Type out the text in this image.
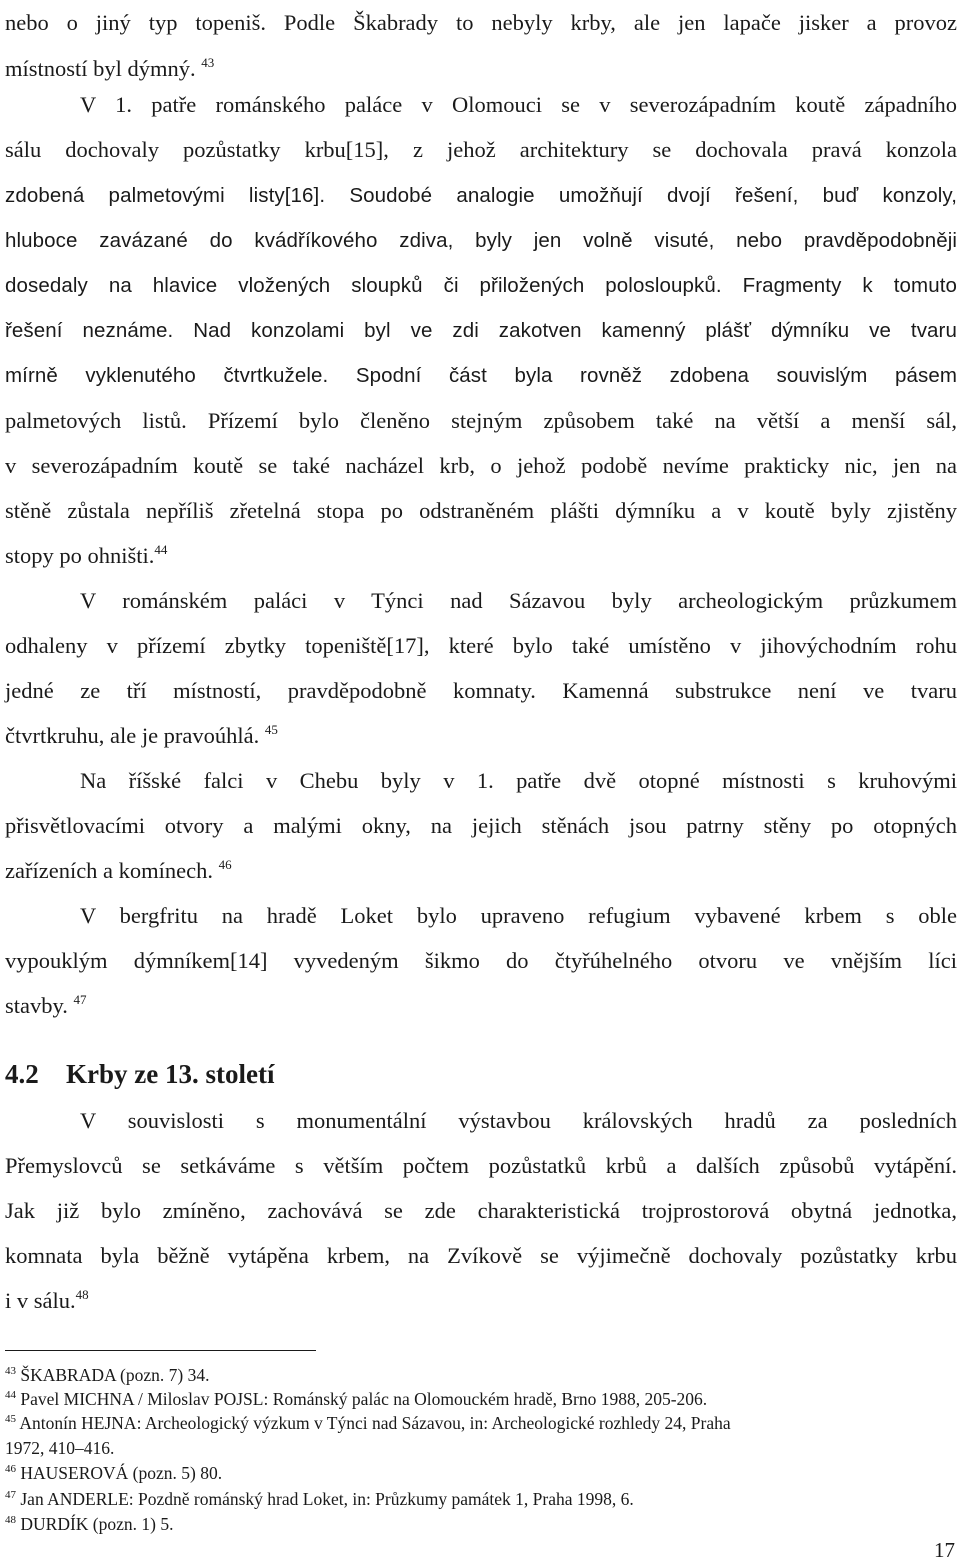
nebo o jiný typ topeniš. Podle Škabrady to nebyly krby, ale jen lapače jisker a provoz
místností byl dýmný. $^{43}$
V 1. patře románského paláce v Olomouci se v severozápadním koutě západního
sálu dochovaly pozůstatky krbu[15], z jehož architektury se dochovala pravá konzola
zdobená palmetovými listy[16]. Soudobé analogie umožňují dvojí řešení, buď konzoly,
hluboce zavázané do kvádříkového zdiva, byly jen volně visuté, nebo pravděpodobněji
dosedaly na hlavice vložených sloupků či přiložených polosloupků. Fragmenty k tomuto
řešení neznáme. Nad konzolami byl ve zdi zakotven kamenný plášť dýmníku ve tvaru
mírně vyklenutého čtvrtkužele. Spodní část byla rovněž zdobena souvislým pásem
palmetových listů. Přízemí bylo členěno stejným způsobem také na větší a menší sál,
v severozápadním koutě se také nacházel krb, o jehož podobě nevíme prakticky nic, jen na
stěně zůstala nepříliš zřetelná stopa po odstraněném plášti dýmníku a v koutě byly zjistěny
stopy po ohništi.$^{44}$
V románském paláci v Týnci nad Sázavou byly archeologickým průzkumem
odhaleny v přízemí zbytky topeniště[17], které bylo také umístěno v jihovýchodním rohu
jedné ze tří místností, pravděpodobně komnaty. Kamenná substrukce není ve tvaru
čtvrtkruhu, ale je pravoúhlá. $^{45}$
Na říšské falci v Chebu byly v 1. patře dvě otopné místnosti s kruhovými
přisvětlovacími otvory a malými okny, na jejich stěnách jsou patrny stěny po otopných
zařízeních a komínech. $^{46}$
V bergfritu na hradě Loket bylo upraveno refugium vybavené krbem s oble
vypouklým dýmníkem[14] vyvedeným šikmo do čtyřúhelného otvoru ve vnějším líci
stavby. $^{47}$
4.2 Krby ze 13. století
V souvislosti s monumentální výstavbou královských hradů za posledních
Přemyslovců se setkáváme s větším počtem pozůstatků krbů a dalších způsobů vytápění.
Jak již bylo zmíněno, zachovává se zde charakteristická trojprostorová obytná jednotka,
komnata byla běžně vytápěna krbem, na Zvíkově se výjimečně dochovaly pozůstatky krbu
i v sálu.$^{48}$
$^{43}$ ŠKABRADA (pozn. 7) 34.
$^{44}$ Pavel MICHNA / Miloslav POJSL: Románský palác na Olomouckém hradě, Brno 1988, 205-206.
$^{45}$ Antonín HEJNA: Archeologický výzkum v Týnci nad Sázavou, in: Archeologické rozhledy 24, Praha
1972, 410–416.
$^{46}$ HAUSEROVÁ (pozn. 5) 80.
$^{47}$ Jan ANDERLE: Pozdně románský hrad Loket, in: Průzkumy památek 1, Praha 1998, 6.
$^{48}$ DURDÍK (pozn. 1) 5.
17
